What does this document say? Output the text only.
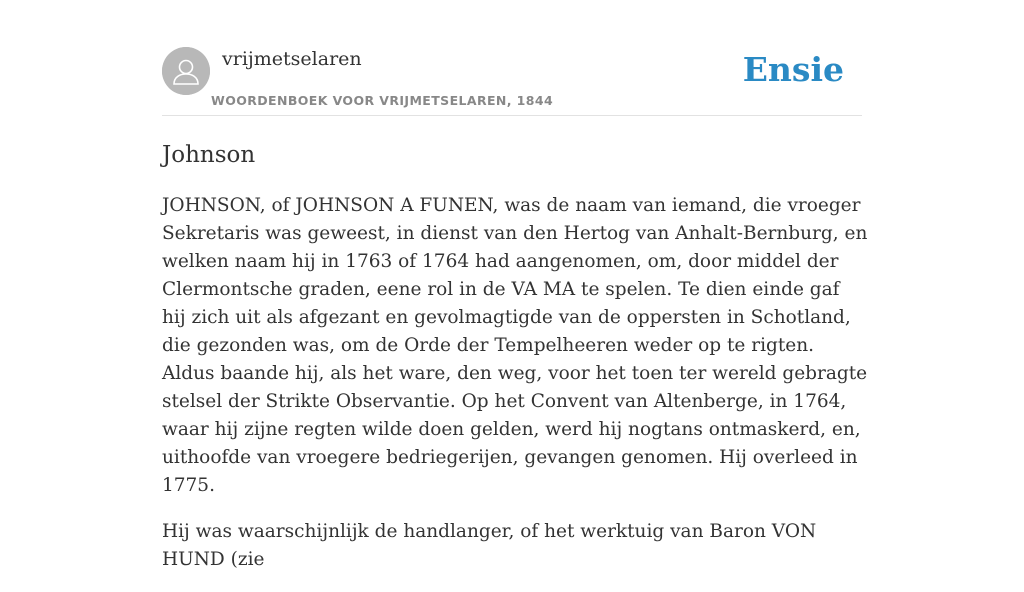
vrijmetselaren
WOORDENBOEK VOOR VRIJMETSELAREN, 1844
Ensie
Johnson

JOHNSON, of JOHNSON A FUNEN, was de naam van iemand, die vroeger Sekretaris was geweest, in dienst van den Hertog van Anhalt-Bernburg, en welken naam hij in 1763 of 1764 had aangenomen, om, door middel der Clermontsche graden, eene rol in de VA MA te spelen. Te dien einde gaf hij zich uit als afgezant en gevolmagtigde van de oppersten in Schotland, die gezonden was, om de Orde der Tempelheeren weder op te rigten. Aldus baande hij, als het ware, den weg, voor het toen ter wereld gebragte stelsel der Strikte Observantie. Op het Convent van Altenberge, in 1764, waar hij zijne regten wilde doen gelden, werd hij nogtans ontmaskerd, en, uithoofde van vroegere bedriegerijen, gevangen genomen. Hij overleed in 1775.

Hij was waarschijnlijk de handlanger, of het werktuig van Baron VON HUND (zie
